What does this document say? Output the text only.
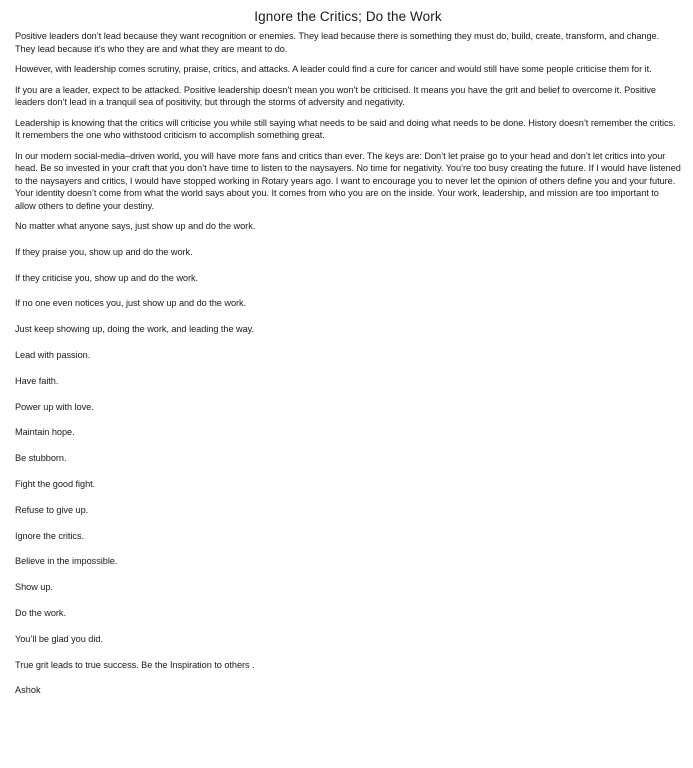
Ignore the Critics; Do the Work

Positive leaders don’t lead because they want recognition or enemies. They lead because there is something they must do, build, create, transform, and change. They lead because it’s who they are and what they are meant to do.

However, with leadership comes scrutiny, praise, critics, and attacks. A leader could find a cure for cancer and would still have some people criticise them for it.

If you are a leader, expect to be attacked. Positive leadership doesn’t mean you won’t be criticised. It means you have the grit and belief to overcome it. Positive leaders don’t lead in a tranquil sea of positivity, but through the storms of adversity and negativity.

Leadership is knowing that the critics will criticise you while still saying what needs to be said and doing what needs to be done. History doesn’t remember the critics. It remembers the one who withstood criticism to accomplish something great.

In our modern social-media–driven world, you will have more fans and critics than ever. The keys are: Don’t let praise go to your head and don’t let critics into your head. Be so invested in your craft that you don’t have time to listen to the naysayers. No time for negativity. You’re too busy creating the future. If I would have listened to the naysayers and critics, I would have stopped working in Rotary years ago. I want to encourage you to never let the opinion of others define you and your future. Your identity doesn’t come from what the world says about you. It comes from who you are on the inside. Your work, leadership, and mission are too important to allow others to define your destiny.

No matter what anyone says, just show up and do the work.
If they praise you, show up and do the work.
If they criticise you, show up and do the work.
If no one even notices you, just show up and do the work.
Just keep showing up, doing the work, and leading the way.
Lead with passion.
Have faith.
Power up with love.
Maintain hope.
Be stubborn.
Fight the good fight.
Refuse to give up.
Ignore the critics.
Believe in the impossible.
Show up.
Do the work.
You’ll be glad you did.
True grit leads to true success. Be the Inspiration to others .
Ashok
